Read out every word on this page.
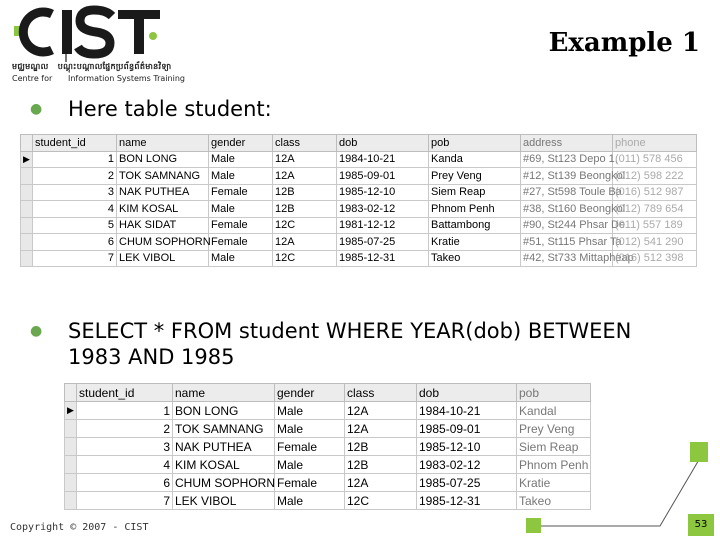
មជ្ឈមណ្ឌល បណ្តុះបណ្តាលផ្នែកប្រព័ន្ធព័ត៌មានវិទ្យា
Centre for Information Systems Training
Example 1
● Here table student:
	student_id	name	gender	class	dob	pob	address	phone
▶	1	BON LONG	Male	12A	1984-10-21	Kanda	#69, St123 Depo 1,	(011) 578 456
	2	TOK SAMNANG	Male	12A	1985-09-01	Prey Veng	#12, St139 Beongkol	(012) 598 222
	3	NAK PUTHEA	Female	12B	1985-12-10	Siem Reap	#27, St598 Toule Ba	(016) 512 987
	4	KIM KOSAL	Male	12B	1983-02-12	Phnom Penh	#38, St160 Beongkol	(012) 789 654
	5	HAK SIDAT	Female	12C	1981-12-12	Battambong	#90, St244 Phsar De	(011) 557 189
	6	CHUM SOPHORN	Female	12A	1985-07-25	Kratie	#51, St115 Phsar Ta	(012) 541 290
	7	LEK VIBOL	Male	12C	1985-12-31	Takeo	#42, St733 Mittapheap	(016) 512 398

● SELECT * FROM student WHERE YEAR(dob) BETWEEN 1983 AND 1985
	student_id	name	gender	class	dob	pob
▶	1	BON LONG	Male	12A	1984-10-21	Kandal
	2	TOK SAMNANG	Male	12A	1985-09-01	Prey Veng
	3	NAK PUTHEA	Female	12B	1985-12-10	Siem Reap
	4	KIM KOSAL	Male	12B	1983-02-12	Phnom Penh
	6	CHUM SOPHORN	Female	12A	1985-07-25	Kratie
	7	LEK VIBOL	Male	12C	1985-12-31	Takeo

Copyright © 2007 - CIST	53
